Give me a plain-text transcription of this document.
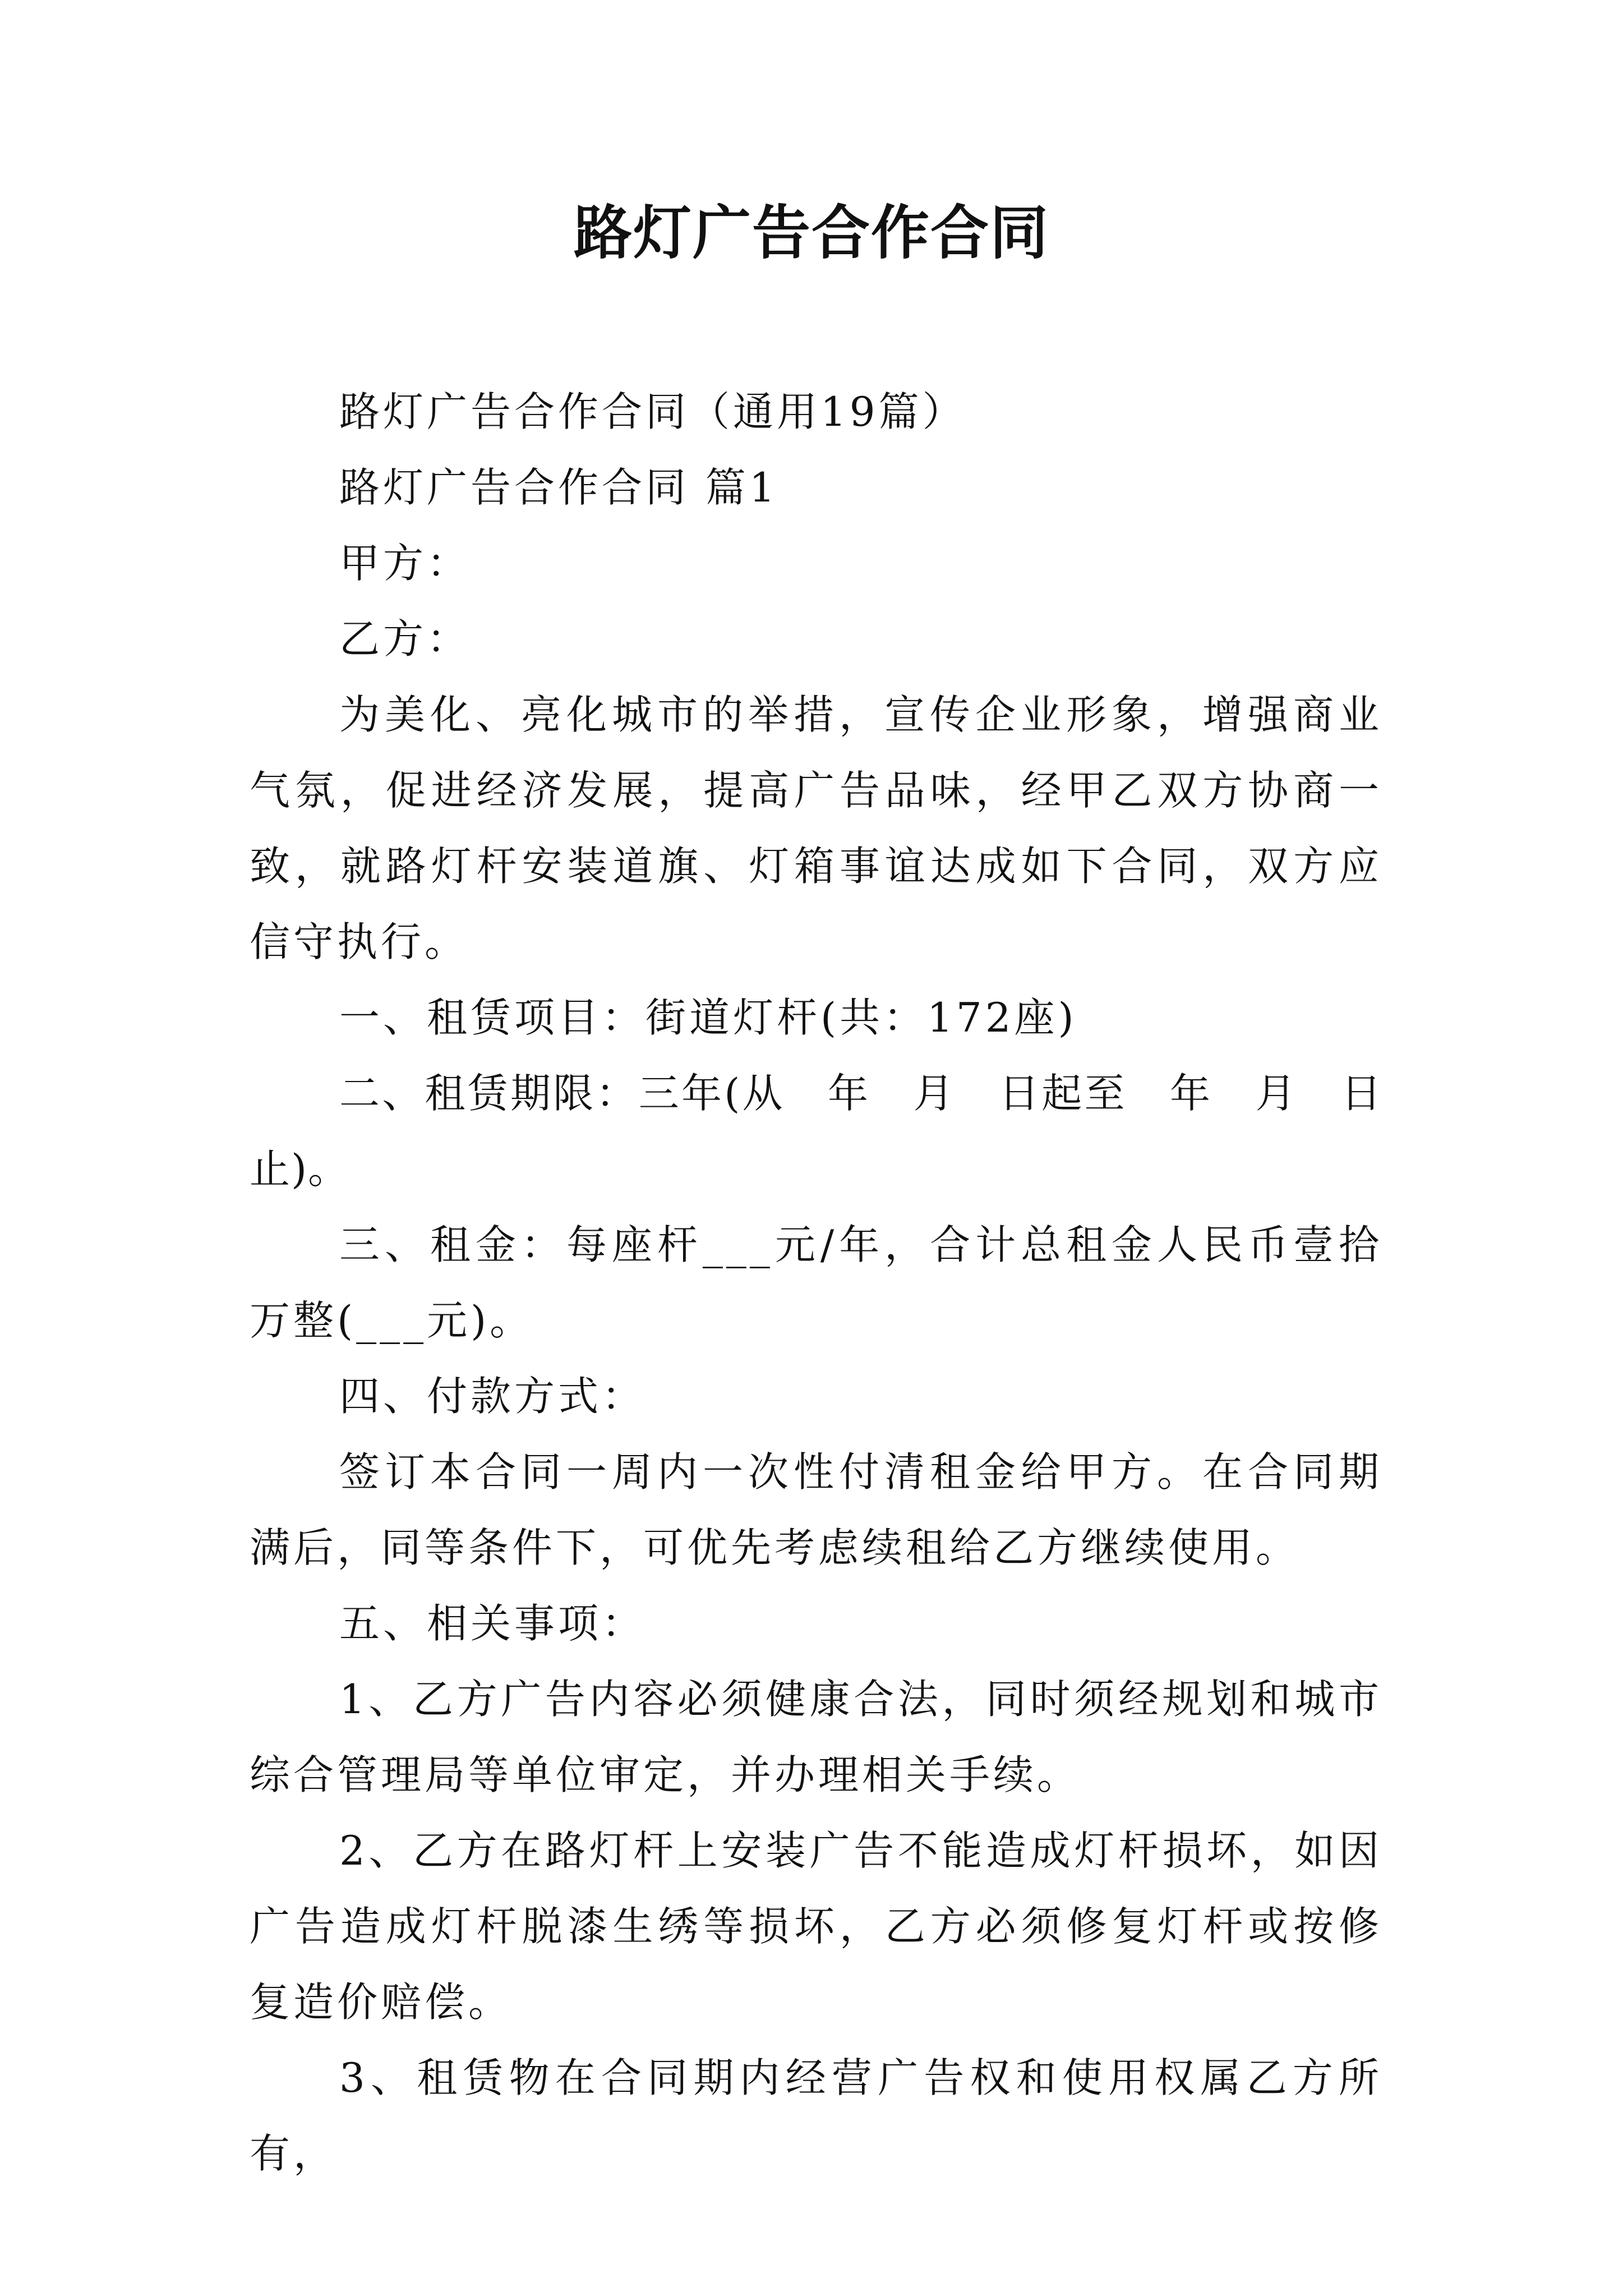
路灯广告合作合同

路灯广告合作合同（通用19篇）

路灯广告合作合同 篇1

甲方：

乙方：

为美化、亮化城市的举措，宣传企业形象，增强商业气氛，促进经济发展，提高广告品味，经甲乙双方协商一致，就路灯杆安装道旗、灯箱事谊达成如下合同，双方应信守执行。

一、租赁项目：街道灯杆(共：172座)

二、租赁期限：三年(从　年　月　日起至　年　月　日止)。

三、租金：每座杆___元/年，合计总租金人民币壹拾万整(___元)。

四、付款方式：

签订本合同一周内一次性付清租金给甲方。在合同期满后，同等条件下，可优先考虑续租给乙方继续使用。

五、相关事项：

1、乙方广告内容必须健康合法，同时须经规划和城市综合管理局等单位审定，并办理相关手续。

2、乙方在路灯杆上安装广告不能造成灯杆损坏，如因广告造成灯杆脱漆生绣等损坏，乙方必须修复灯杆或按修复造价赔偿。

3、租赁物在合同期内经营广告权和使用权属乙方所有，
